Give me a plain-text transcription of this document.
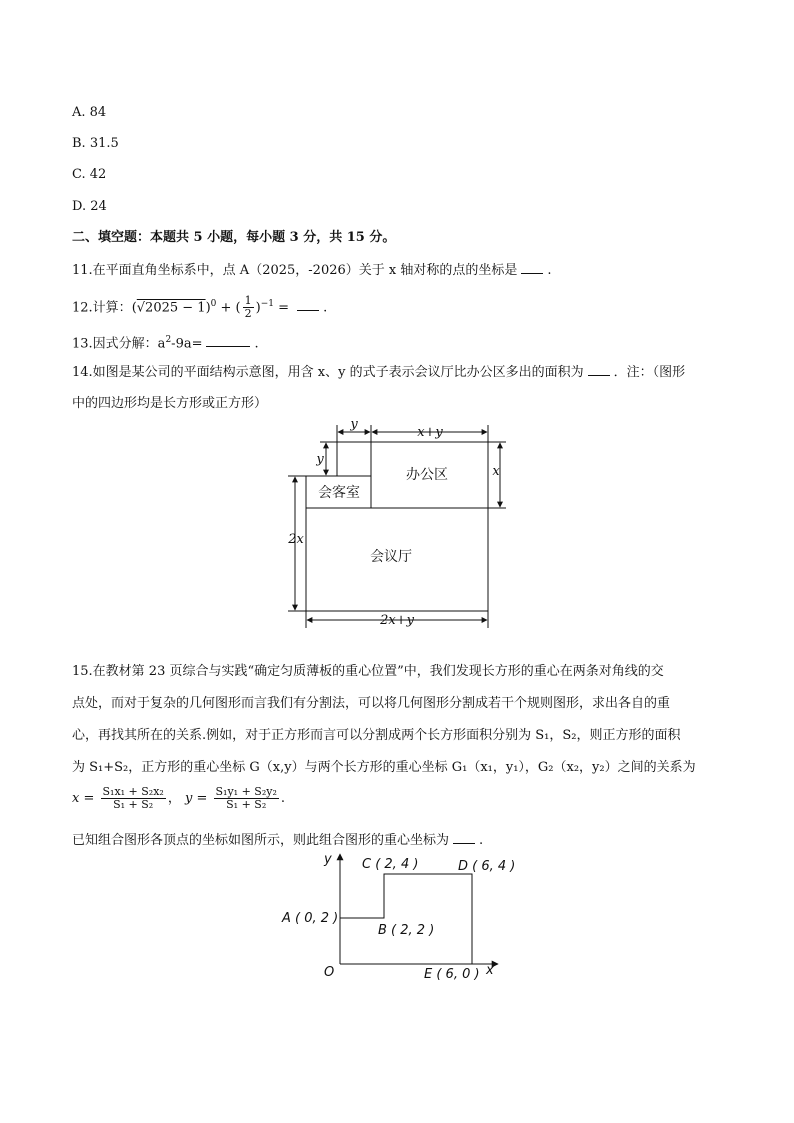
A. 84
B. 31.5
C. 42
D. 24
二、填空题：本题共 5 小题，每小题 3 分，共 15 分。
11.在平面直角坐标系中，点 A（2025，-2026）关于 x 轴对称的点的坐标是 .
12.计算：$(√2025 - 1)^0$ + ( $\frac{1}{2} )^{-1}$ = .
13.因式分解：$a^2-9a=$	.
14.如图是某公司的平面结构示意图，用含 x、y 的式子表示会议厅比办公区多出的面积为 ．注：（图形
中的四边形均是长方形或正方形）
y
x+y
y
x
2x
2x+y
办公区
会客室
会议厅
15.在教材第 23 页综合与实践“确定匀质薄板的重心位置”中，我们发现长方形的重心在两条对角线的交
点处，而对于复杂的几何图形而言我们有分割法，可以将几何图形分割成若干个规则图形，求出各自的重
心，再找其所在的关系.例如，对于正方形而言可以分割成两个长方形面积分别为 S₁，S₂，则正方形的面积
为 S₁+S₂，正方形的重心坐标 G（x,y）与两个长方形的重心坐标 G₁（x₁，y₁），G₂（x₂，y₂）之间的关系为
$x = \frac{\text{S₁x₁ + S₂x₂}}{\text{S₁ + S₂}}$ ， $y = \frac{\text{S₁y₁ + S₂y₂}}{\text{S₁ + S₂}}$ .
已知组合图形各顶点的坐标如图所示，则此组合图形的重心坐标为 .
y
x
O
A ( 0, 2 )
B ( 2, 2 )
C ( 2, 4 )	D ( 6, 4 )
E ( 6, 0 )
